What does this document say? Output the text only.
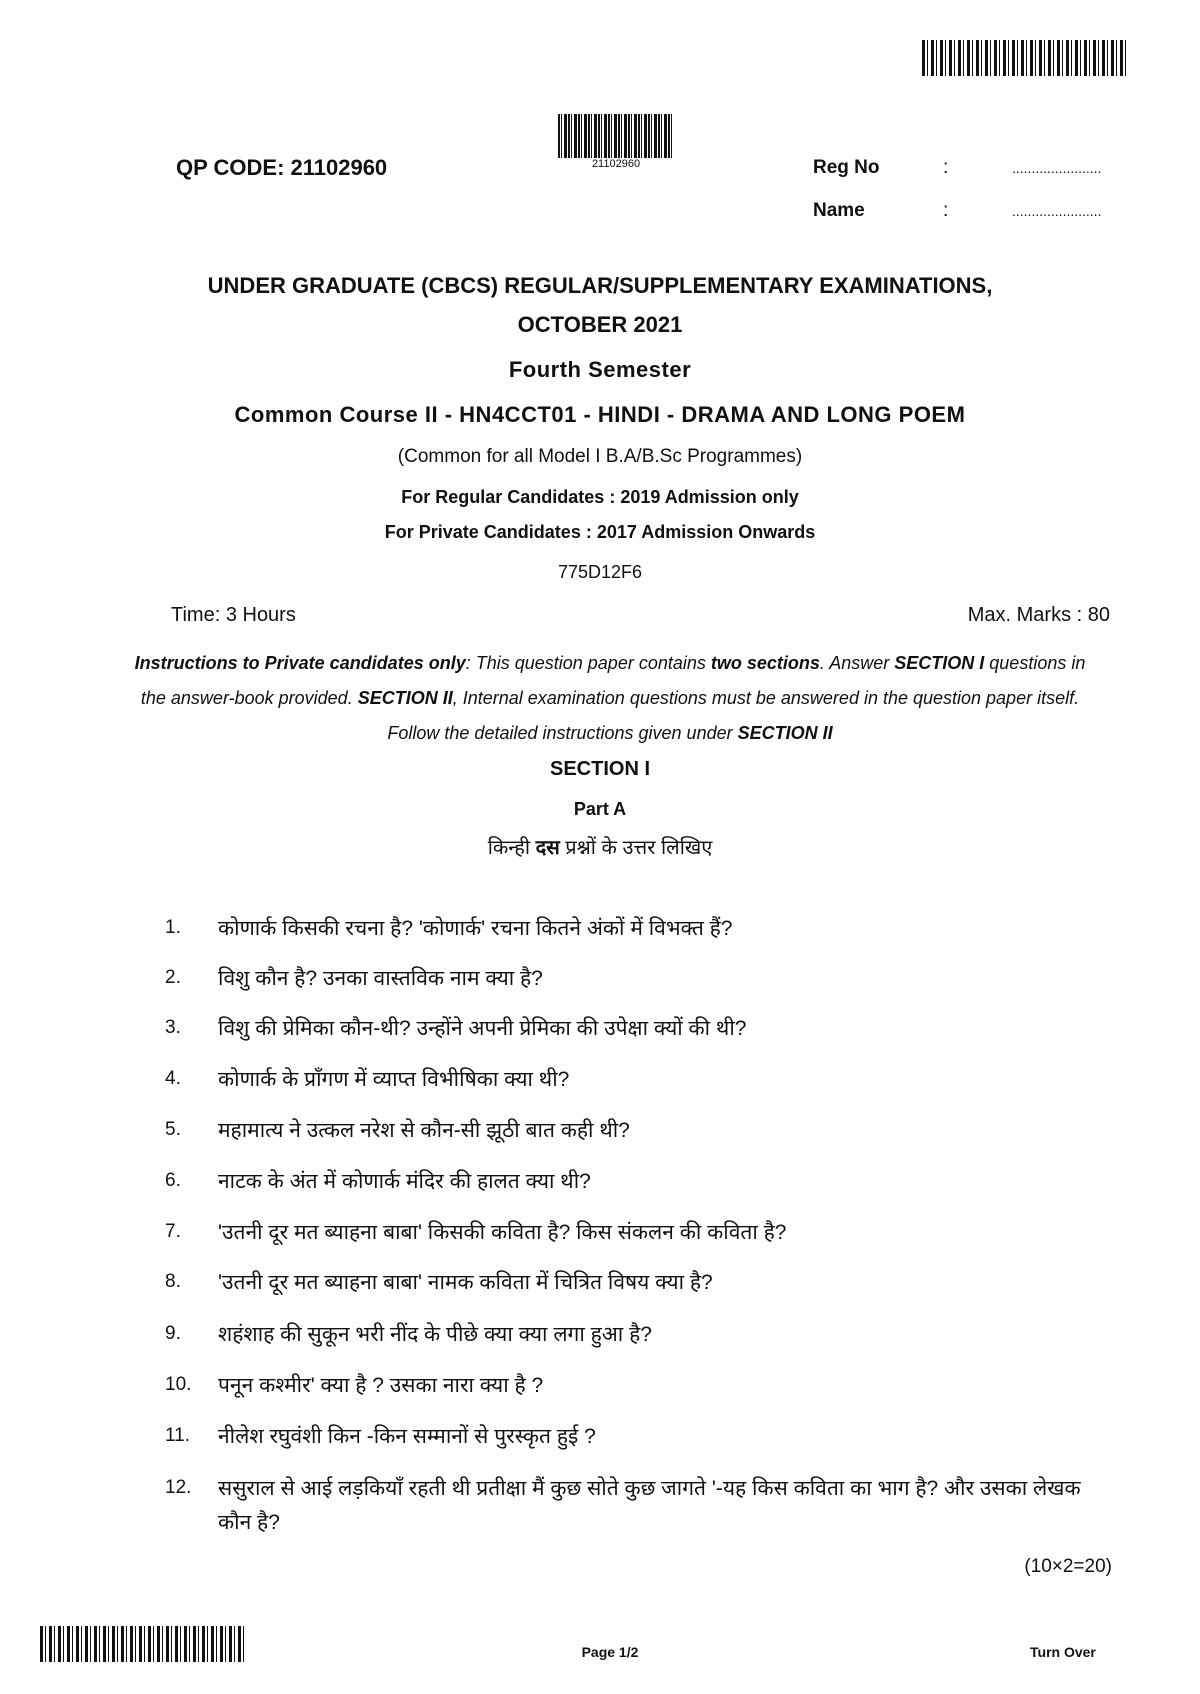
21102960
QP CODE: 21102960	Reg No	:	.......................
Name	:	.......................
UNDER GRADUATE (CBCS) REGULAR/SUPPLEMENTARY EXAMINATIONS,
OCTOBER 2021
Fourth Semester
Common Course II - HN4CCT01 - HINDI - DRAMA AND LONG POEM
(Common for all Model I B.A/B.Sc Programmes)
For Regular Candidates : 2019 Admission only
For Private Candidates : 2017 Admission Onwards
775D12F6
Time: 3 Hours	Max. Marks : 80
Instructions to Private candidates only: This question paper contains two sections. Answer SECTION I questions in the answer-book provided. SECTION II, Internal examination questions must be answered in the question paper itself. Follow the detailed instructions given under SECTION II
SECTION I
Part A
किन्ही दस प्रश्नों के उत्तर लिखिए
1.	कोणार्क किसकी रचना है? 'कोणार्क' रचना कितने अंकों में विभक्त हैं?
2.	विशु कौन है? उनका वास्तविक नाम क्या है?
3.	विशु की प्रेमिका कौन-थी? उन्होंने अपनी प्रेमिका की उपेक्षा क्यों की थी?
4.	कोणार्क के प्राँगण में व्याप्त विभीषिका क्या थी?
5.	महामात्य ने उत्कल नरेश से कौन-सी झूठी बात कही थी?
6.	नाटक के अंत में कोणार्क मंदिर की हालत क्या थी?
7.	'उतनी दूर मत ब्याहना बाबा' किसकी कविता है? किस संकलन की कविता है?
8.	'उतनी दूर मत ब्याहना बाबा' नामक कविता में चित्रित विषय क्या है?
9.	शहंशाह की सुकून भरी नींद के पीछे क्या क्या लगा हुआ है?
10.	पनून कश्मीर' क्या है ? उसका नारा क्या है ?
11.	नीलेश रघुवंशी किन -किन सम्मानों से पुरस्कृत हुई ?
12.	ससुराल से आई लड़कियाँ रहती थी प्रतीक्षा मैं कुछ सोते कुछ जागते '-यह किस कविता का भाग है? और उसका लेखक कौन है?
(10×2=20)
Page 1/2	Turn Over
